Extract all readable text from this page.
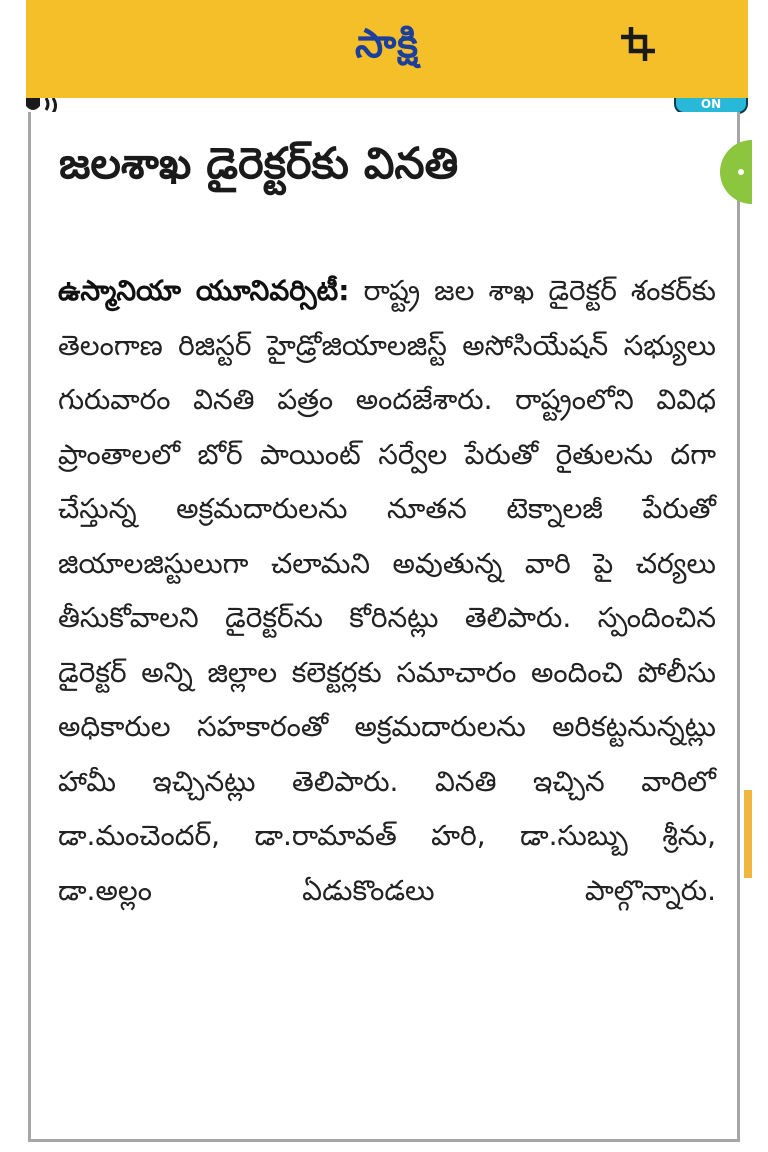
సాక్షి
ON
జలశాఖ డైరెక్టర్‌కు వినతి

ఉస్మానియా యూనివర్సిటీ: రాష్ట్ర జల శాఖ డైరెక్టర్ శంకర్‌కు తెలంగాణ రిజిస్టర్ హైడ్రోజియాలజిస్ట్ అసోసియేషన్ సభ్యులు గురువారం వినతి పత్రం అందజేశారు. రాష్ట్రంలోని వివిధ ప్రాంతాలలో బోర్ పాయింట్ సర్వేల పేరుతో రైతులను దగా చేస్తున్న అక్రమదారులను నూతన టెక్నాలజీ పేరుతో జియాలజిస్టులుగా చలామని అవుతున్న వారి పై చర్యలు తీసుకోవాలని డైరెక్టర్‌ను కోరినట్లు తెలిపారు. స్పందించిన డైరెక్టర్ అన్ని జిల్లాల కలెక్టర్లకు సమాచారం అందించి పోలీసు అధికారుల సహకారంతో అక్రమదారులను అరికట్టనున్నట్లు హామీ ఇచ్చినట్లు తెలిపారు. వినతి ఇచ్చిన వారిలో డా.మంచెందర్, డా.రామావత్ హరి, డా.సుబ్బు శ్రీను, డా.అల్లం ఏడుకొండలు పాల్గొన్నారు.
